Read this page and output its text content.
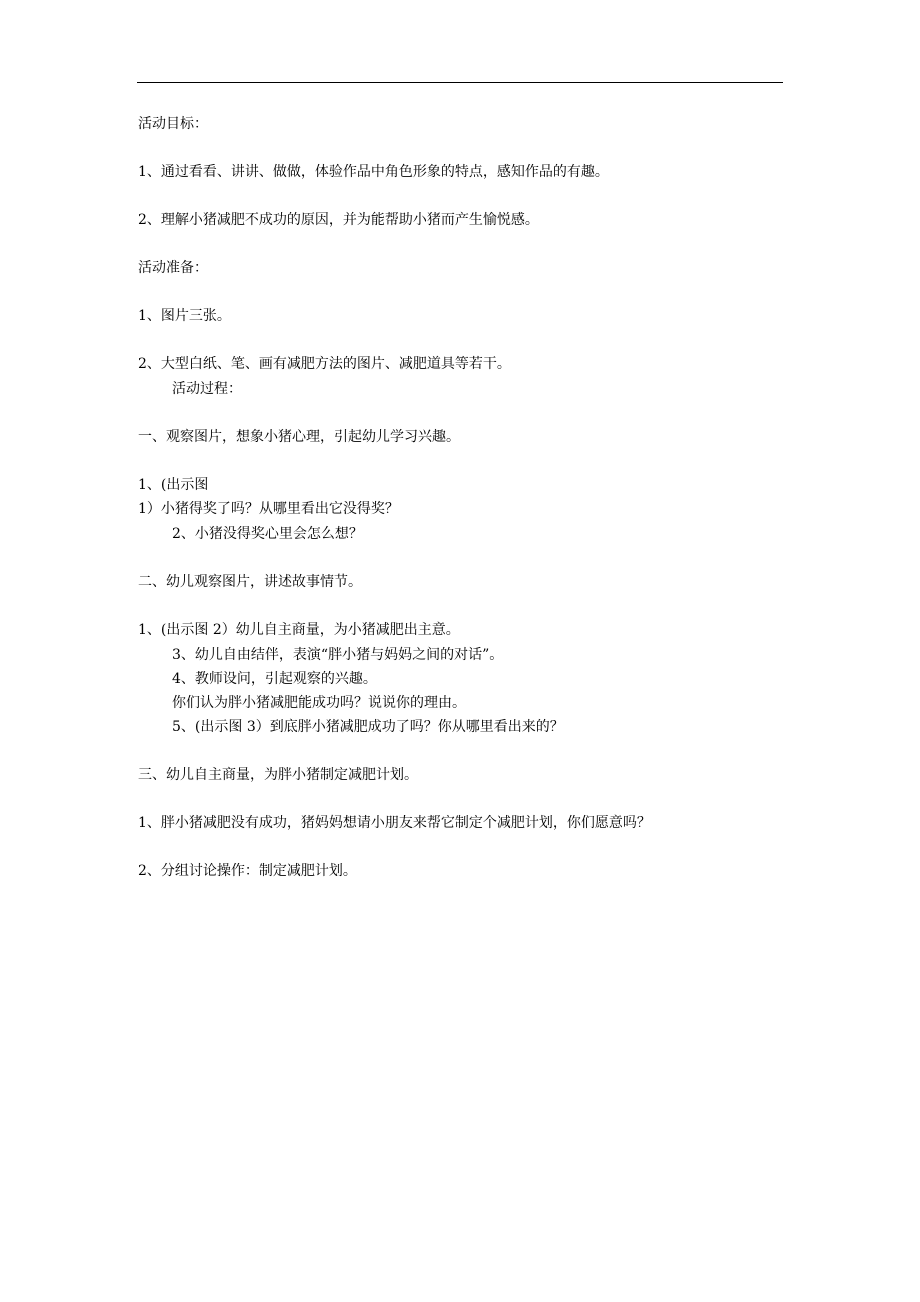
活动目标：
1、通过看看、讲讲、做做，体验作品中角色形象的特点，感知作品的有趣。
2、理解小猪减肥不成功的原因，并为能帮助小猪而产生愉悦感。
活动准备：
1、图片三张。
2、大型白纸、笔、画有减肥方法的图片、减肥道具等若干。
活动过程：
一、观察图片，想象小猪心理，引起幼儿学习兴趣。
1、(出示图
1）小猪得奖了吗？从哪里看出它没得奖？
2、小猪没得奖心里会怎么想？
二、幼儿观察图片，讲述故事情节。
1、(出示图 2）幼儿自主商量，为小猪减肥出主意。
3、幼儿自由结伴，表演“胖小猪与妈妈之间的对话”。
4、教师设问，引起观察的兴趣。
你们认为胖小猪减肥能成功吗？说说你的理由。
5、(出示图 3）到底胖小猪减肥成功了吗？你从哪里看出来的？
三、幼儿自主商量，为胖小猪制定减肥计划。
1、胖小猪减肥没有成功，猪妈妈想请小朋友来帮它制定个减肥计划，你们愿意吗？
2、分组讨论操作：制定减肥计划。
